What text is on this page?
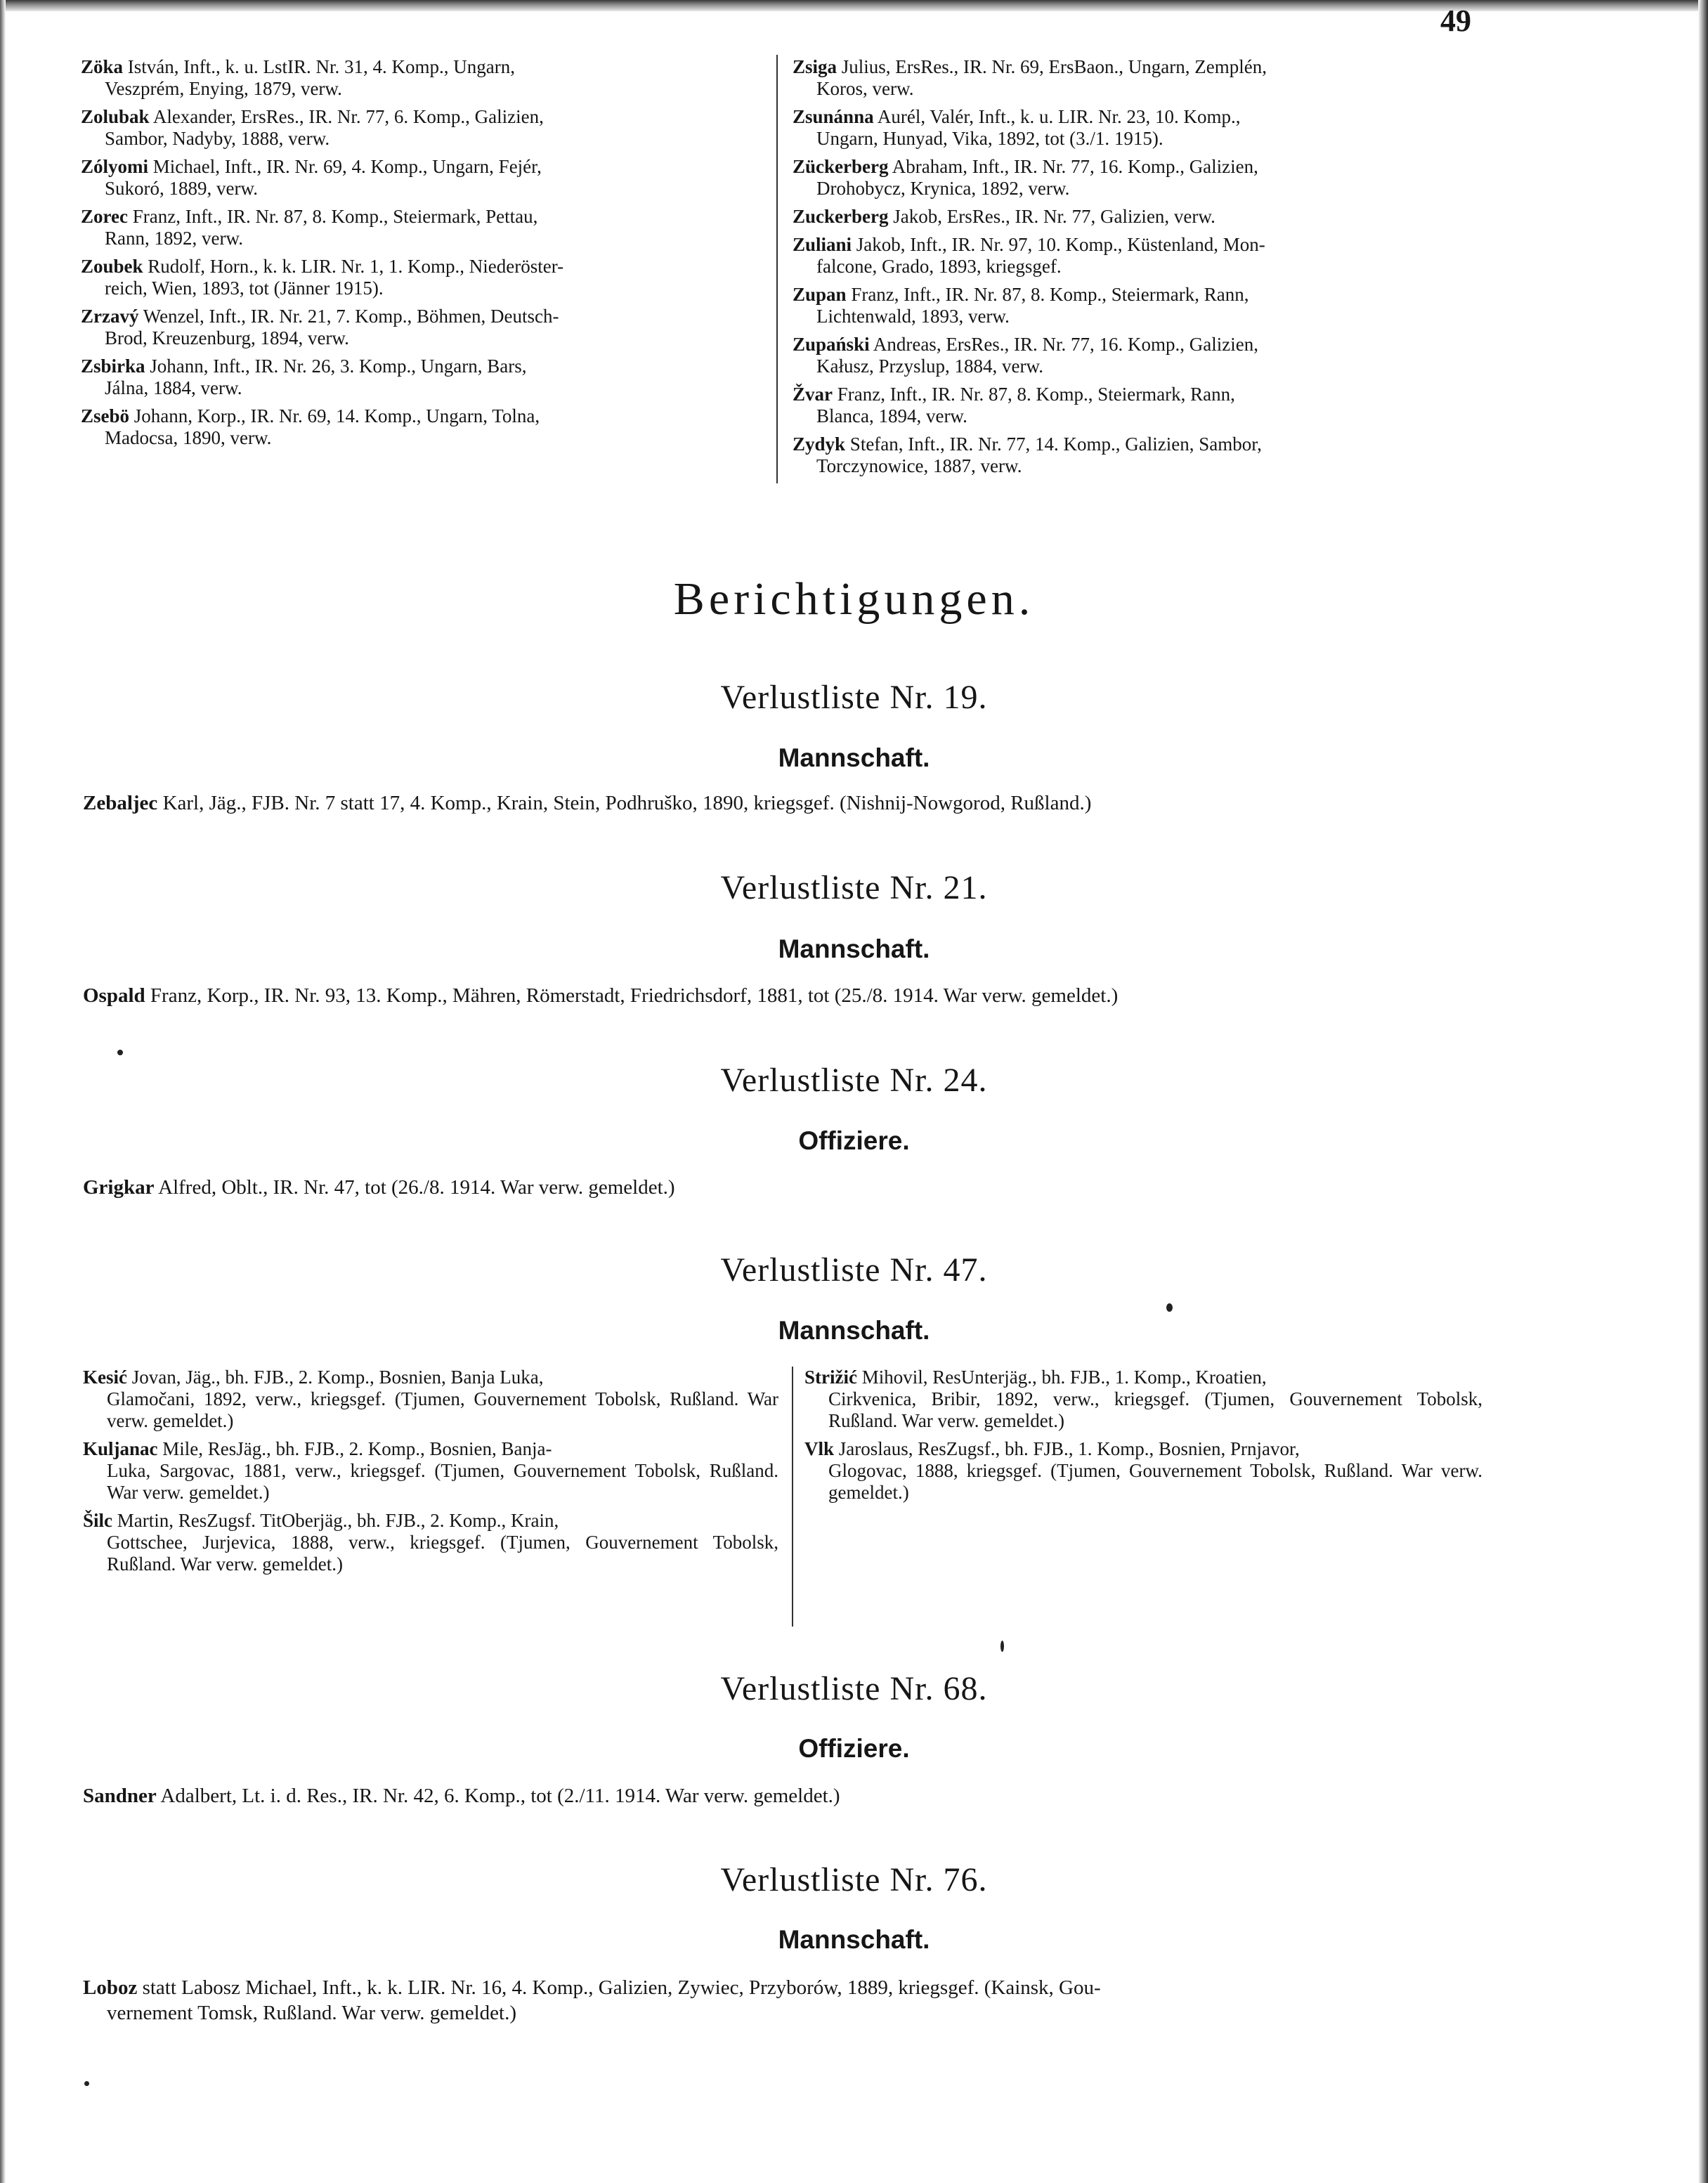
49
Zöka István, Inft., k. u. LstIR. Nr. 31, 4. Komp., Ungarn,
Veszprém, Enying, 1879, verw.
Zolubak Alexander, ErsRes., IR. Nr. 77, 6. Komp., Galizien,
Sambor, Nadyby, 1888, verw.
Zólyomi Michael, Inft., IR. Nr. 69, 4. Komp., Ungarn, Fejér,
Sukoró, 1889, verw.
Zorec Franz, Inft., IR. Nr. 87, 8. Komp., Steiermark, Pettau,
Rann, 1892, verw.
Zoubek Rudolf, Horn., k. k. LIR. Nr. 1, 1. Komp., Niederöster-
reich, Wien, 1893, tot (Jänner 1915).
Zrzavý Wenzel, Inft., IR. Nr. 21, 7. Komp., Böhmen, Deutsch-
Brod, Kreuzenburg, 1894, verw.
Zsbirka Johann, Inft., IR. Nr. 26, 3. Komp., Ungarn, Bars,
Jálna, 1884, verw.
Zsebö Johann, Korp., IR. Nr. 69, 14. Komp., Ungarn, Tolna,
Madocsa, 1890, verw.
Zsiga Julius, ErsRes., IR. Nr. 69, ErsBaon., Ungarn, Zemplén,
Koros, verw.
Zsunánna Aurél, Valér, Inft., k. u. LIR. Nr. 23, 10. Komp.,
Ungarn, Hunyad, Vika, 1892, tot (3./1. 1915).
Zückerberg Abraham, Inft., IR. Nr. 77, 16. Komp., Galizien,
Drohobycz, Krynica, 1892, verw.
Zuckerberg Jakob, ErsRes., IR. Nr. 77, Galizien, verw.
Zuliani Jakob, Inft., IR. Nr. 97, 10. Komp., Küstenland, Mon-
falcone, Grado, 1893, kriegsgef.
Zupan Franz, Inft., IR. Nr. 87, 8. Komp., Steiermark, Rann,
Lichtenwald, 1893, verw.
Zupański Andreas, ErsRes., IR. Nr. 77, 16. Komp., Galizien,
Kałusz, Przyslup, 1884, verw.
Žvar Franz, Inft., IR. Nr. 87, 8. Komp., Steiermark, Rann,
Blanca, 1894, verw.
Zydyk Stefan, Inft., IR. Nr. 77, 14. Komp., Galizien, Sambor,
Torczynowice, 1887, verw.
Berichtigungen.
Verlustliste Nr. 19.
Mannschaft.
Zebaljec Karl, Jäg., FJB. Nr. 7 statt 17, 4. Komp., Krain, Stein, Podhruško, 1890, kriegsgef. (Nishnij-Nowgorod, Rußland.)
Verlustliste Nr. 21.
Mannschaft.
Ospald Franz, Korp., IR. Nr. 93, 13. Komp., Mähren, Römerstadt, Friedrichsdorf, 1881, tot (25./8. 1914. War verw. gemeldet.)
Verlustliste Nr. 24.
Offiziere.
Grigkar Alfred, Oblt., IR. Nr. 47, tot (26./8. 1914. War verw. gemeldet.)
Verlustliste Nr. 47.
Mannschaft.
Kesić Jovan, Jäg., bh. FJB., 2. Komp., Bosnien, Banja Luka,
Glamočani, 1892, verw., kriegsgef. (Tjumen, Gouvernement Tobolsk, Rußland. War verw. gemeldet.)
Kuljanac Mile, ResJäg., bh. FJB., 2. Komp., Bosnien, Banja-
Luka, Sargovac, 1881, verw., kriegsgef. (Tjumen, Gouvernement Tobolsk, Rußland. War verw. gemeldet.)
Šilc Martin, ResZugsf. TitOberjäg., bh. FJB., 2. Komp., Krain,
Gottschee, Jurjevica, 1888, verw., kriegsgef. (Tjumen, Gouvernement Tobolsk, Rußland. War verw. gemeldet.)
Strižić Mihovil, ResUnterjäg., bh. FJB., 1. Komp., Kroatien,
Cirkvenica, Bribir, 1892, verw., kriegsgef. (Tjumen, Gouvernement Tobolsk, Rußland. War verw. gemeldet.)
Vlk Jaroslaus, ResZugsf., bh. FJB., 1. Komp., Bosnien, Prnjavor,
Glogovac, 1888, kriegsgef. (Tjumen, Gouvernement Tobolsk, Rußland. War verw. gemeldet.)
Verlustliste Nr. 68.
Offiziere.
Sandner Adalbert, Lt. i. d. Res., IR. Nr. 42, 6. Komp., tot (2./11. 1914. War verw. gemeldet.)
Verlustliste Nr. 76.
Mannschaft.
Loboz statt Labosz Michael, Inft., k. k. LIR. Nr. 16, 4. Komp., Galizien, Zywiec, Przyborów, 1889, kriegsgef. (Kainsk, Gou-
vernement Tomsk, Rußland. War verw. gemeldet.)
